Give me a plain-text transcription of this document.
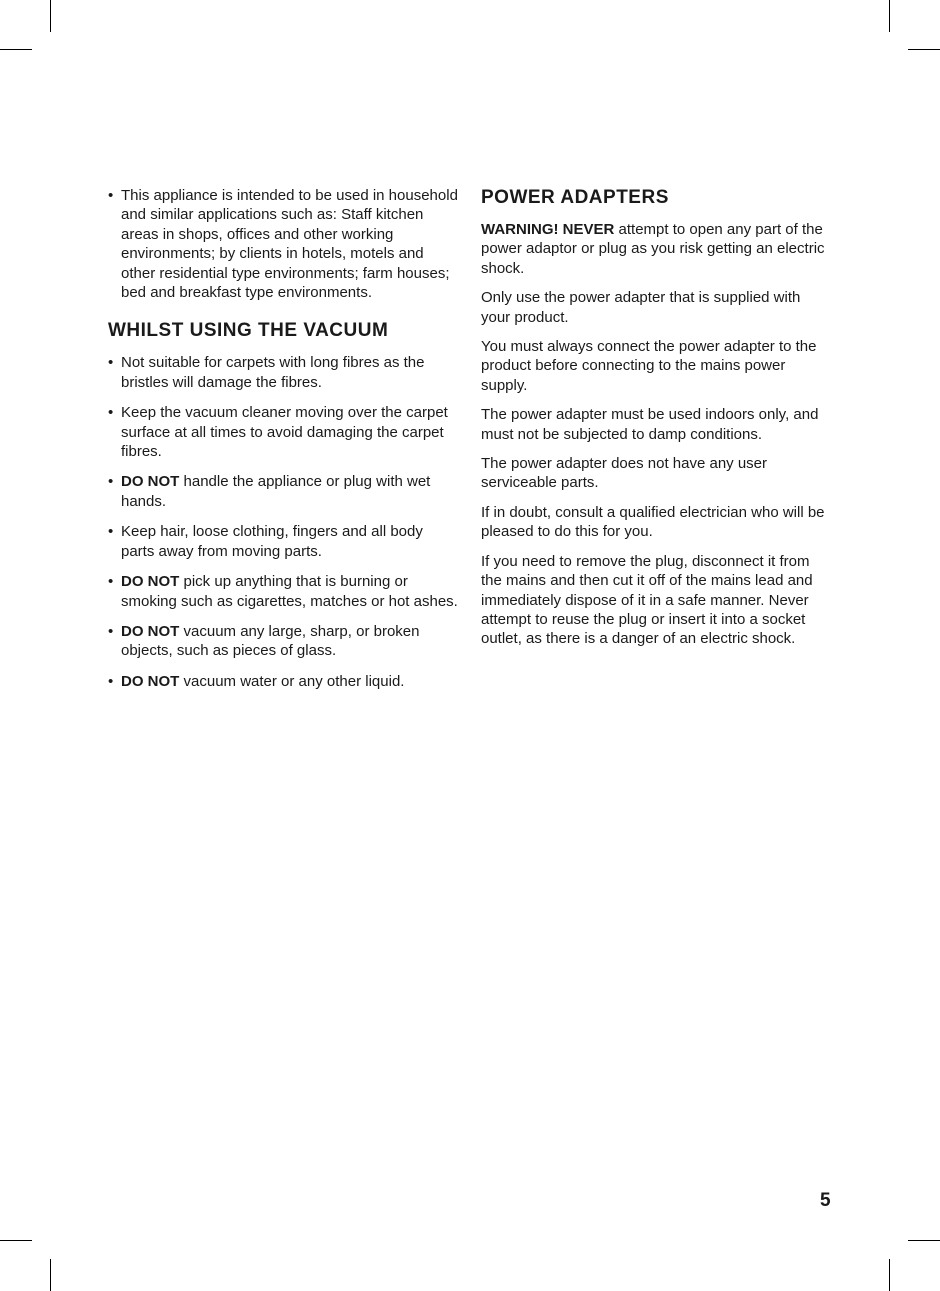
• This appliance is intended to be used in household and similar applications such as: Staff kitchen areas in shops, offices and other working environments; by clients in hotels, motels and other residential type environments; farm houses; bed and breakfast type environments.
WHILST USING THE VACUUM
• Not suitable for carpets with long fibres as the bristles will damage the fibres.
• Keep the vacuum cleaner moving over the carpet surface at all times to avoid damaging the carpet fibres.
• DO NOT handle the appliance or plug with wet hands.
• Keep hair, loose clothing, fingers and all body parts away from moving parts.
• DO NOT pick up anything that is burning or smoking such as cigarettes, matches or hot ashes.
• DO NOT vacuum any large, sharp, or broken objects, such as pieces of glass.
• DO NOT vacuum water or any other liquid.
POWER ADAPTERS

WARNING! NEVER attempt to open any part of the power adaptor or plug as you risk getting an electric shock.

Only use the power adapter that is supplied with your product.

You must always connect the power adapter to the product before connecting to the mains power supply.

The power adapter must be used indoors only, and must not be subjected to damp conditions.

The power adapter does not have any user serviceable parts.

If in doubt, consult a qualified electrician who will be pleased to do this for you.

If you need to remove the plug, disconnect it from the mains and then cut it off of the mains lead and immediately dispose of it in a safe manner. Never attempt to reuse the plug or insert it into a socket outlet, as there is a danger of an electric shock.

5
